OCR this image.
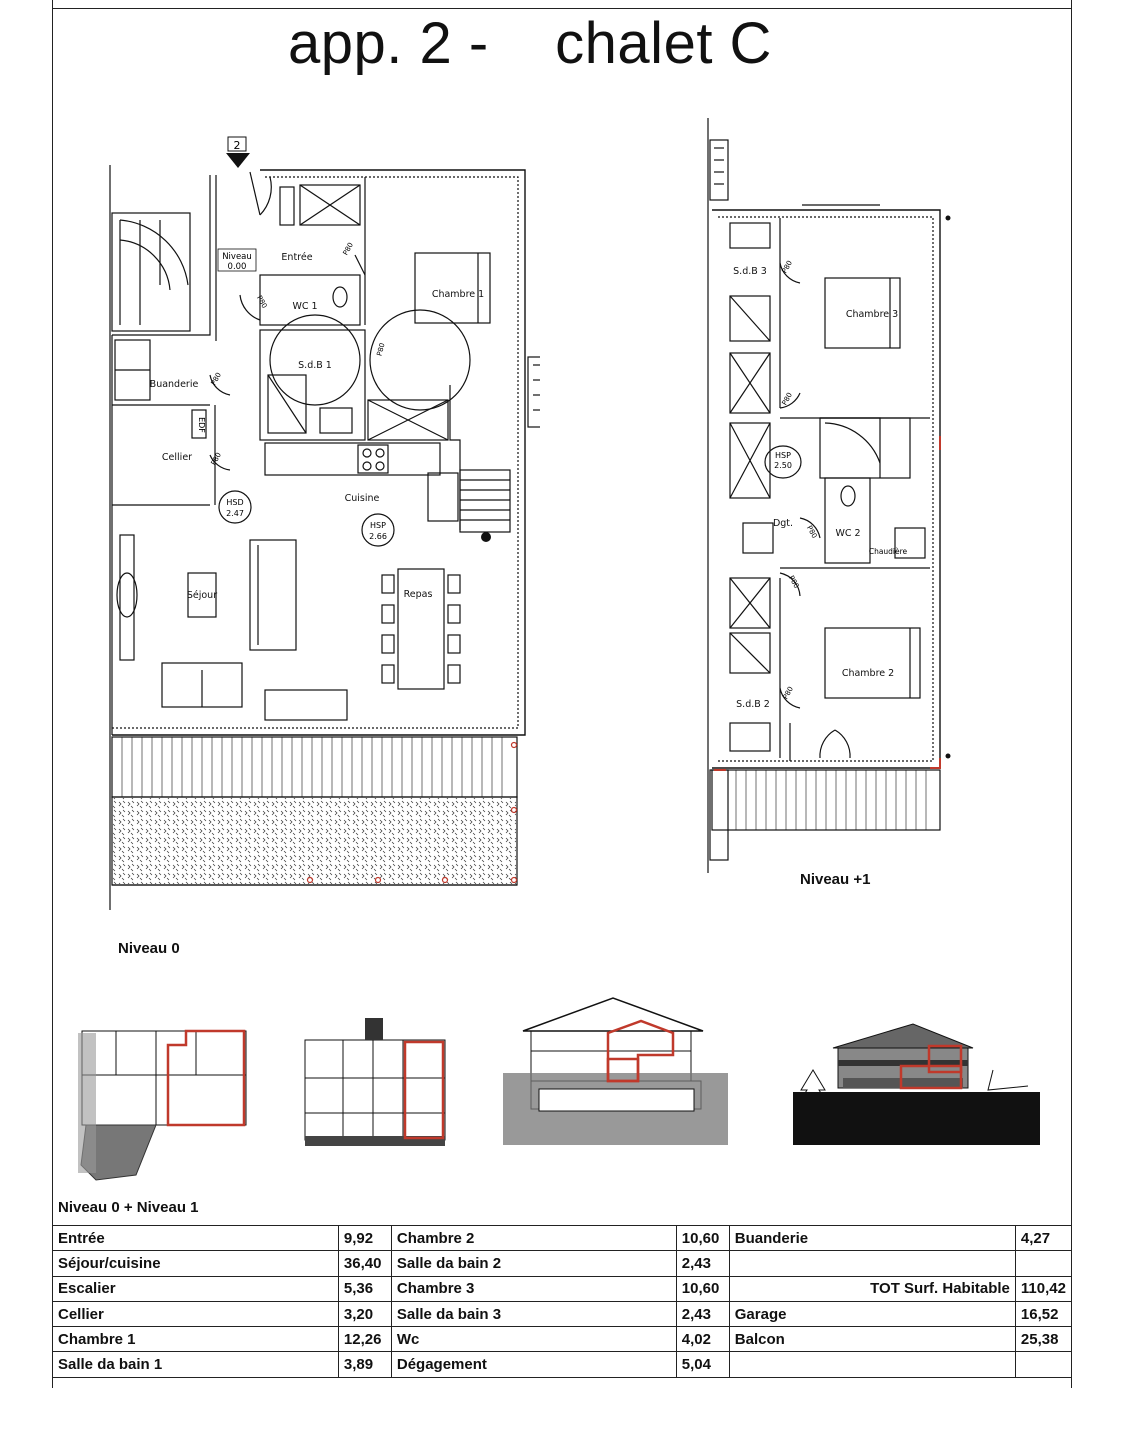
app. 2 -    chalet C
2
Niveau
0.00
Entrée
WC 1
Chambre 1
S.d.B 1
Buanderie
Cellier
Cuisine
Séjour	Repas
EDF
HSD
2.47
HSP
2.66
P80
P80
P80
P80
P80
Niveau 0
S.d.B 3
Chambre 3
Dgt.
WC 2
Chambre 2
S.d.B 2
Chaudière
HSP
2.50
P80
P80
P80
P80
P80
Niveau +1
Niveau 0 + Niveau 1
Entrée	9,92	Chambre 2	10,60	Buanderie	4,27
Séjour/cuisine	36,40	Salle da bain 2	2,43		
Escalier	5,36	Chambre 3	10,60	TOT Surf. Habitable	110,42
Cellier	3,20	Salle da bain 3	2,43	Garage	16,52
Chambre 1	12,26	Wc	4,02	Balcon	25,38
Salle da bain 1	3,89	Dégagement	5,04		
